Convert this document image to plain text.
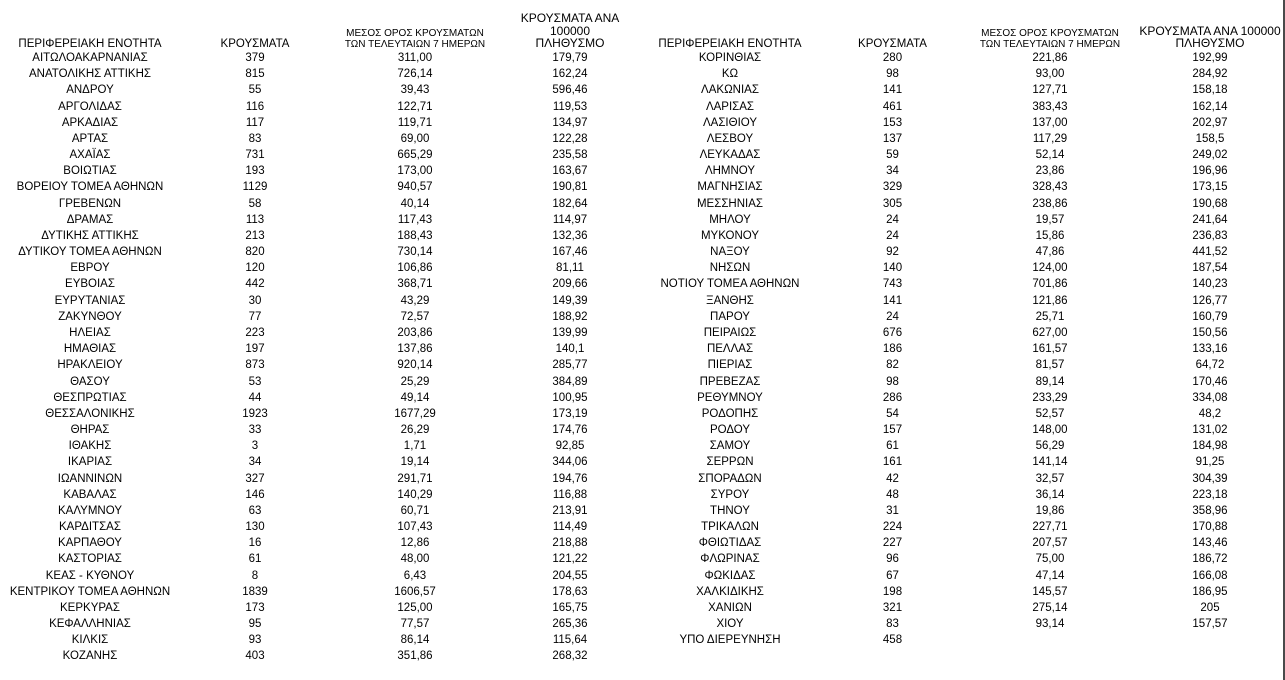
ΠΕΡΙΦΕΡΕΙΑΚΗ ΕΝΟΤΗΤΑ	ΚΡΟΥΣΜΑΤΑ
ΜΕΣΟΣ ΟΡΟΣ ΚΡΟΥΣΜΑΤΩΝ
ΤΩΝ ΤΕΛΕΥΤΑΙΩΝ 7 ΗΜΕΡΩΝ
ΚΡΟΥΣΜΑΤΑ ΑΝΑ 100000
ΠΛΗΘΥΣΜΟ
ΑΙΤΩΛΟΑΚΑΡΝΑΝΙΑΣ	379	311,00	179,79
ΑΝΑΤΟΛΙΚΗΣ ΑΤΤΙΚΗΣ	815	726,14	162,24
ΑΝΔΡΟΥ	55	39,43	596,46
ΑΡΓΟΛΙΔΑΣ	116	122,71	119,53
ΑΡΚΑΔΙΑΣ	117	119,71	134,97
ΑΡΤΑΣ	83	69,00	122,28
ΑΧΑΪΑΣ	731	665,29	235,58
ΒΟΙΩΤΙΑΣ	193	173,00	163,67
ΒΟΡΕΙΟΥ ΤΟΜΕΑ ΑΘΗΝΩΝ	1129	940,57	190,81
ΓΡΕΒΕΝΩΝ	58	40,14	182,64
ΔΡΑΜΑΣ	113	117,43	114,97
ΔΥΤΙΚΗΣ ΑΤΤΙΚΗΣ	213	188,43	132,36
ΔΥΤΙΚΟΥ ΤΟΜΕΑ ΑΘΗΝΩΝ	820	730,14	167,46
ΕΒΡΟΥ	120	106,86	81,11
ΕΥΒΟΙΑΣ	442	368,71	209,66
ΕΥΡΥΤΑΝΙΑΣ	30	43,29	149,39
ΖΑΚΥΝΘΟΥ	77	72,57	188,92
ΗΛΕΙΑΣ	223	203,86	139,99
ΗΜΑΘΙΑΣ	197	137,86	140,1
ΗΡΑΚΛΕΙΟΥ	873	920,14	285,77
ΘΑΣΟΥ	53	25,29	384,89
ΘΕΣΠΡΩΤΙΑΣ	44	49,14	100,95
ΘΕΣΣΑΛΟΝΙΚΗΣ	1923	1677,29	173,19
ΘΗΡΑΣ	33	26,29	174,76
ΙΘΑΚΗΣ	3	1,71	92,85
ΙΚΑΡΙΑΣ	34	19,14	344,06
ΙΩΑΝΝΙΝΩΝ	327	291,71	194,76
ΚΑΒΑΛΑΣ	146	140,29	116,88
ΚΑΛΥΜΝΟΥ	63	60,71	213,91
ΚΑΡΔΙΤΣΑΣ	130	107,43	114,49
ΚΑΡΠΑΘΟΥ	16	12,86	218,88
ΚΑΣΤΟΡΙΑΣ	61	48,00	121,22
ΚΕΑΣ - ΚΥΘΝΟΥ	8	6,43	204,55
ΚΕΝΤΡΙΚΟΥ ΤΟΜΕΑ ΑΘΗΝΩΝ	1839	1606,57	178,63
ΚΕΡΚΥΡΑΣ	173	125,00	165,75
ΚΕΦΑΛΛΗΝΙΑΣ	95	77,57	265,36
ΚΙΛΚΙΣ	93	86,14	115,64
ΚΟΖΑΝΗΣ	403	351,86	268,32
ΠΕΡΙΦΕΡΕΙΑΚΗ ΕΝΟΤΗΤΑ	ΚΡΟΥΣΜΑΤΑ
ΜΕΣΟΣ ΟΡΟΣ ΚΡΟΥΣΜΑΤΩΝ
ΤΩΝ ΤΕΛΕΥΤΑΙΩΝ 7 ΗΜΕΡΩΝ
ΚΡΟΥΣΜΑΤΑ ΑΝΑ 100000
ΠΛΗΘΥΣΜΟ
ΚΟΡΙΝΘΙΑΣ	280	221,86	192,99
ΚΩ	98	93,00	284,92
ΛΑΚΩΝΙΑΣ	141	127,71	158,18
ΛΑΡΙΣΑΣ	461	383,43	162,14
ΛΑΣΙΘΙΟΥ	153	137,00	202,97
ΛΕΣΒΟΥ	137	117,29	158,5
ΛΕΥΚΑΔΑΣ	59	52,14	249,02
ΛΗΜΝΟΥ	34	23,86	196,96
ΜΑΓΝΗΣΙΑΣ	329	328,43	173,15
ΜΕΣΣΗΝΙΑΣ	305	238,86	190,68
ΜΗΛΟΥ	24	19,57	241,64
ΜΥΚΟΝΟΥ	24	15,86	236,83
ΝΑΞΟΥ	92	47,86	441,52
ΝΗΣΩΝ	140	124,00	187,54
ΝΟΤΙΟΥ ΤΟΜΕΑ ΑΘΗΝΩΝ	743	701,86	140,23
ΞΑΝΘΗΣ	141	121,86	126,77
ΠΑΡΟΥ	24	25,71	160,79
ΠΕΙΡΑΙΩΣ	676	627,00	150,56
ΠΕΛΛΑΣ	186	161,57	133,16
ΠΙΕΡΙΑΣ	82	81,57	64,72
ΠΡΕΒΕΖΑΣ	98	89,14	170,46
ΡΕΘΥΜΝΟΥ	286	233,29	334,08
ΡΟΔΟΠΗΣ	54	52,57	48,2
ΡΟΔΟΥ	157	148,00	131,02
ΣΑΜΟΥ	61	56,29	184,98
ΣΕΡΡΩΝ	161	141,14	91,25
ΣΠΟΡΑΔΩΝ	42	32,57	304,39
ΣΥΡΟΥ	48	36,14	223,18
ΤΗΝΟΥ	31	19,86	358,96
ΤΡΙΚΑΛΩΝ	224	227,71	170,88
ΦΘΙΩΤΙΔΑΣ	227	207,57	143,46
ΦΛΩΡΙΝΑΣ	96	75,00	186,72
ΦΩΚΙΔΑΣ	67	47,14	166,08
ΧΑΛΚΙΔΙΚΗΣ	198	145,57	186,95
ΧΑΝΙΩΝ	321	275,14	205
ΧΙΟΥ	83	93,14	157,57
ΥΠΟ ΔΙΕΡΕΥΝΗΣΗ	458
